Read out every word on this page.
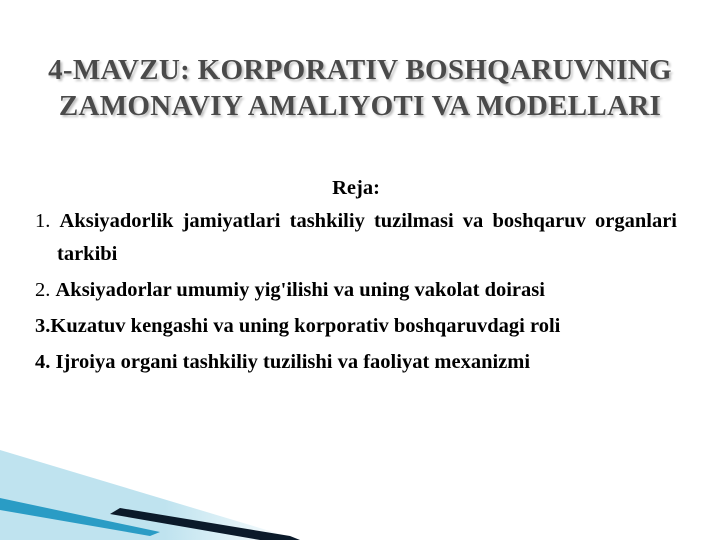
4-MAVZU: KORPORATIV BOSHQARUVNING
ZAMONAVIY AMALIYOTI VA MODELLARI
Reja:
1. Aksiyadorlik jamiyatlari tashkiliy tuzilmasi va boshqaruv organlari tarkibi
2. Aksiyadorlar umumiy yig'ilishi va uning vakolat doirasi
3.Kuzatuv kengashi va uning korporativ boshqaruvdagi roli
4. Ijroiya organi tashkiliy tuzilishi va faoliyat mexanizmi
